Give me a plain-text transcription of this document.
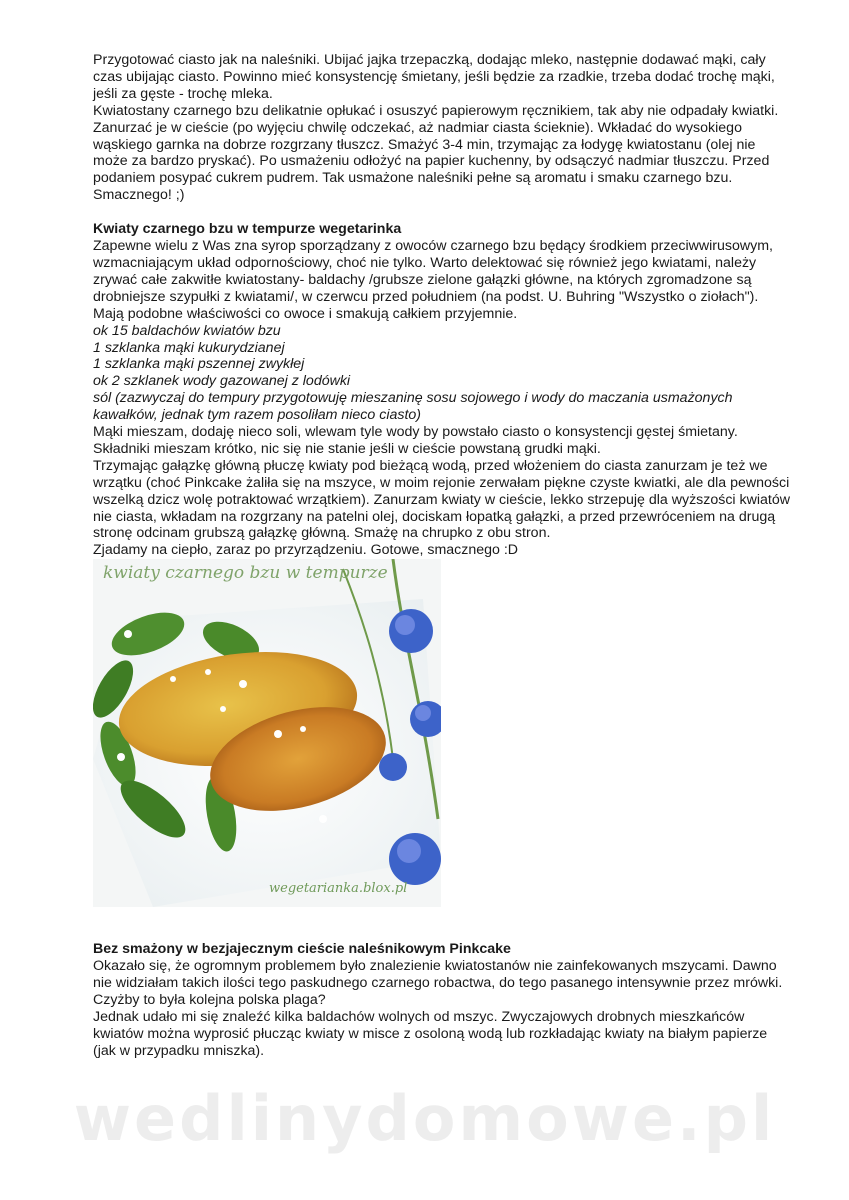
Przygotować ciasto jak na naleśniki. Ubijać jajka trzepaczką, dodając mleko, następnie dodawać mąki, cały czas ubijając ciasto. Powinno mieć konsystencję śmietany, jeśli będzie za rzadkie, trzeba dodać trochę mąki, jeśli za gęste - trochę mleka.

Kwiatostany czarnego bzu delikatnie opłukać i osuszyć papierowym ręcznikiem, tak aby nie odpadały kwiatki. Zanurzać je w cieście (po wyjęciu chwilę odczekać, aż nadmiar ciasta ścieknie). Wkładać do wysokiego wąskiego garnka na dobrze rozgrzany tłuszcz. Smażyć 3-4 min, trzymając za łodygę kwiatostanu (olej nie może za bardzo pryskać). Po usmażeniu odłożyć na papier kuchenny, by odsączyć nadmiar tłuszczu. Przed podaniem posypać cukrem pudrem. Tak usmażone naleśniki pełne są aromatu i smaku czarnego bzu.

Smacznego! ;)

Kwiaty czarnego bzu w tempurze wegetarinka

Zapewne wielu z Was zna syrop sporządzany z owoców czarnego bzu będący środkiem przeciwwirusowym, wzmacniającym układ odpornościowy, choć nie tylko. Warto delektować się również jego kwiatami, należy zrywać całe zakwitłe kwiatostany- baldachy /grubsze zielone gałązki główne, na których zgromadzone są drobniejsze szypułki z kwiatami/, w czerwcu przed południem (na podst. U. Buhring "Wszystko o ziołach"). Mają podobne właściwości co owoce i smakują całkiem przyjemnie.

ok 15 baldachów kwiatów bzu

1 szklanka mąki kukurydzianej

1 szklanka mąki pszennej zwykłej

ok 2 szklanek wody gazowanej z lodówki

sól (zazwyczaj do tempury przygotowuję mieszaninę sosu sojowego i wody do maczania usmażonych kawałków, jednak tym razem posoliłam nieco ciasto)

Mąki mieszam, dodaję nieco soli, wlewam tyle wody by powstało ciasto o konsystencji gęstej śmietany. Składniki mieszam krótko, nic się nie stanie jeśli w cieście powstaną grudki mąki.

Trzymając gałązkę główną płuczę kwiaty pod bieżącą wodą, przed włożeniem do ciasta zanurzam je też we wrzątku (choć Pinkcake żaliła się na mszyce, w moim rejonie zerwałam piękne czyste kwiatki, ale dla pewności wszelką dzicz wolę potraktować wrzątkiem). Zanurzam kwiaty w cieście, lekko strzepuję dla wyższości kwiatów nie ciasta, wkładam na rozgrzany na patelni olej, dociskam łopatką gałązki, a przed przewróceniem na drugą stronę odcinam grubszą gałązkę główną. Smażę na chrupko z obu stron.

Zjadamy na ciepło, zaraz po przyrządzeniu. Gotowe, smacznego :D

kwiaty czarnego bzu w tempurze
wegetarianka.blox.pl

Bez smażony w bezjajecznym cieście naleśnikowym Pinkcake

Okazało się, że ogromnym problemem było znalezienie kwiatostanów nie zainfekowanych mszycami. Dawno nie widziałam takich ilości tego paskudnego czarnego robactwa, do tego pasanego intensywnie przez mrówki. Czyżby to była kolejna polska plaga?

Jednak udało mi się znaleźć kilka baldachów wolnych od mszyc. Zwyczajowych drobnych mieszkańców kwiatów można wyprosić płucząc kwiaty w misce z osoloną wodą lub rozkładając kwiaty na białym papierze (jak w przypadku mniszka).

wedlinydomowe.pl
